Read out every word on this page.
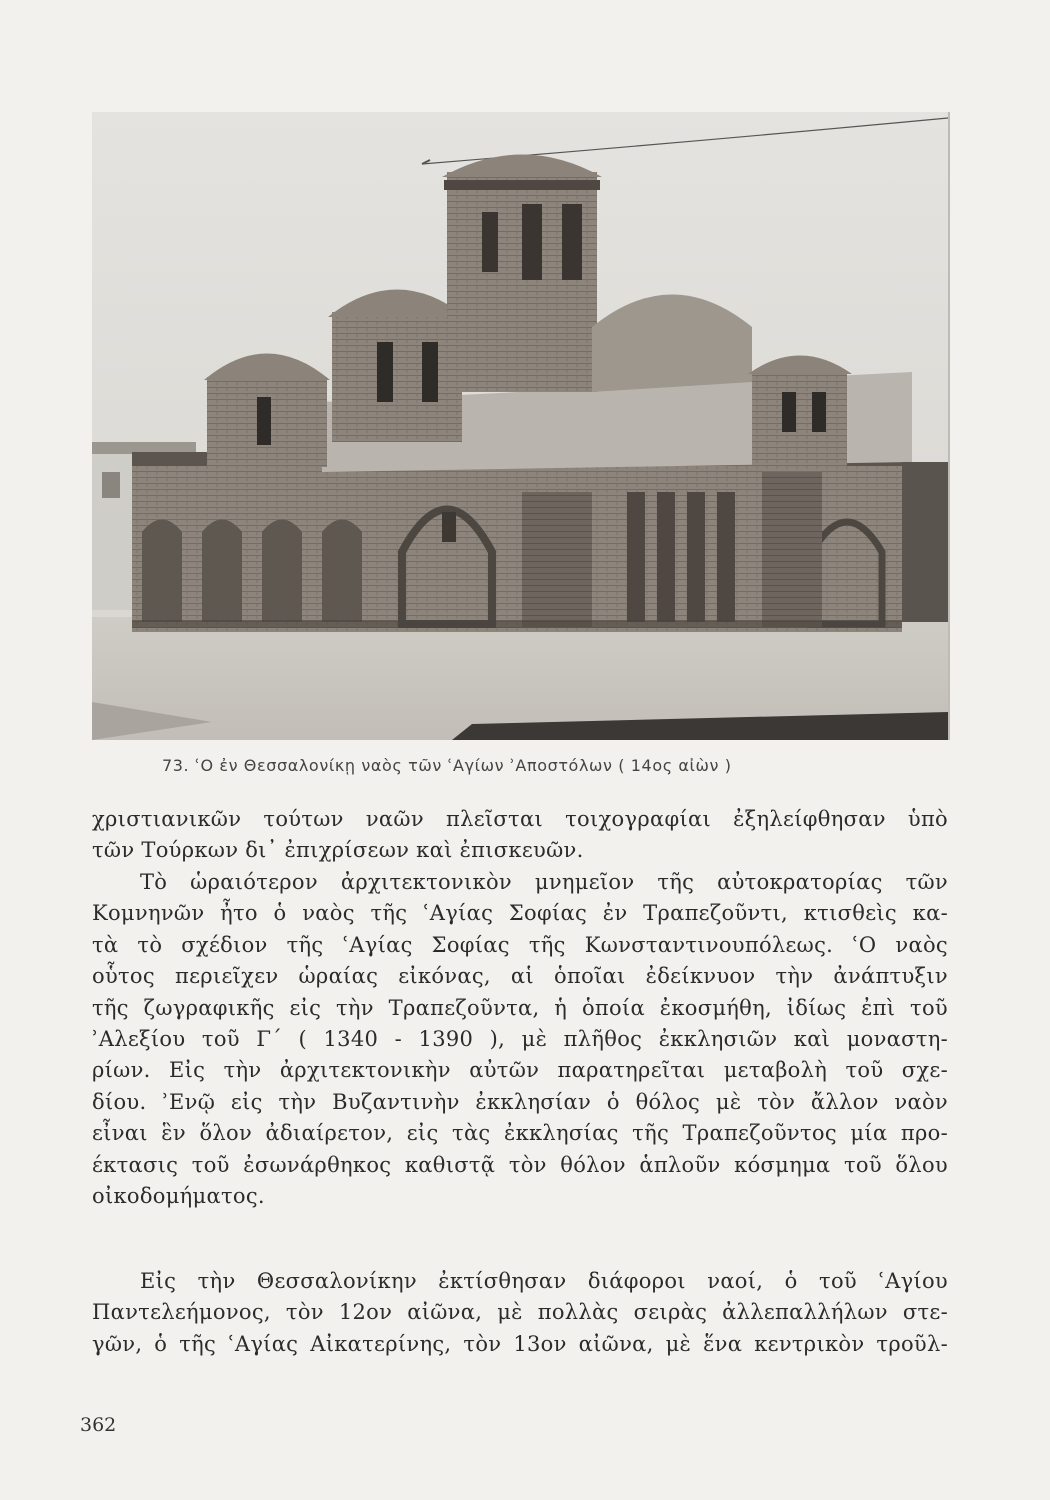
73. ʿΟ ἐν Θεσσαλονίκῃ ναὸς τῶν ʿΑγίων ʾΑποστόλων ( 14ος αἰὼν )
χριστιανικῶν τούτων ναῶν πλεῖσται τοιχογραφίαι ἐξηλείφθησαν ὑπὸ
τῶν Τούρκων δι᾽ ἐπιχρίσεων καὶ ἐπισκευῶν.
Τὸ ὡραιότερον ἀρχιτεκτονικὸν μνημεῖον τῆς αὐτοκρατορίας τῶν
Κομνηνῶν ἦτο ὁ ναὸς τῆς ʿΑγίας Σοφίας ἐν Τραπεζοῦντι, κτισθεὶς κα-
τὰ τὸ σχέδιον τῆς ʿΑγίας Σοφίας τῆς Κωνσταντινουπόλεως. ʿΟ ναὸς
οὗτος περιεῖχεν ὡραίας εἰκόνας, αἱ ὁποῖαι ἐδείκνυον τὴν ἀνάπτυξιν
τῆς ζωγραφικῆς εἰς τὴν Τραπεζοῦντα, ἡ ὁποία ἐκοσμήθη, ἰδίως ἐπὶ τοῦ
ʾΑλεξίου τοῦ Γ΄ ( 1340 - 1390 ), μὲ πλῆθος ἐκκλησιῶν καὶ μοναστη-
ρίων. Εἰς τὴν ἀρχιτεκτονικὴν αὐτῶν παρατηρεῖται μεταβολὴ τοῦ σχε-
δίου. ʾΕνῷ εἰς τὴν Βυζαντινὴν ἐκκλησίαν ὁ θόλος μὲ τὸν ἄλλον ναὸν
εἶναι ἓν ὅλον ἀδιαίρετον, εἰς τὰς ἐκκλησίας τῆς Τραπεζοῦντος μία προ-
έκτασις τοῦ ἐσωνάρθηκος καθιστᾷ τὸν θόλον ἁπλοῦν κόσμημα τοῦ ὅλου
οἰκοδομήματος.
Εἰς τὴν Θεσσαλονίκην ἐκτίσθησαν διάφοροι ναοί, ὁ τοῦ ʿΑγίου
Παντελεήμονος, τὸν 12ον αἰῶνα, μὲ πολλὰς σειρὰς ἀλλεπαλλήλων στε-
γῶν, ὁ τῆς ʿΑγίας Αἰκατερίνης, τὸν 13ον αἰῶνα, μὲ ἕνα κεντρικὸν τροῦλ-
362
